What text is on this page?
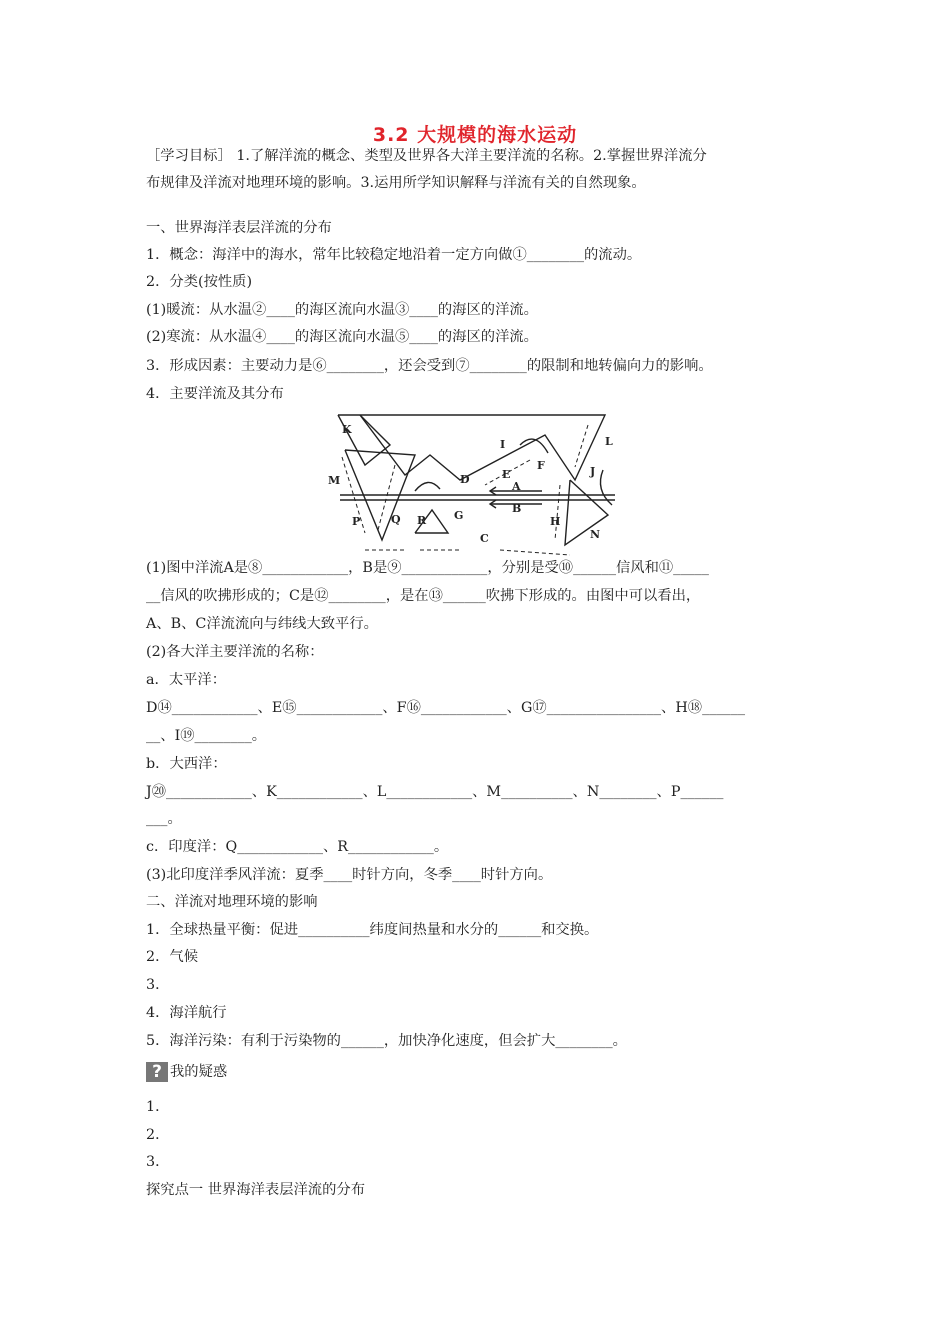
3.2 大规模的海水运动
［学习目标］ 1.了解洋流的概念、类型及世界各大洋主要洋流的名称。2.掌握世界洋流分
布规律及洋流对地理环境的影响。3.运用所学知识解释与洋流有关的自然现象。
一、世界海洋表层洋流的分布
1．概念：海洋中的海水，常年比较稳定地沿着一定方向做①________的流动。
2．分类(按性质)
(1)暖流：从水温②____的海区流向水温③____的海区的洋流。
(2)寒流：从水温④____的海区流向水温⑤____的海区的洋流。
3．形成因素：主要动力是⑥________，还会受到⑦________的限制和地转偏向力的影响。
4．主要洋流及其分布
K
L
I
E
F	J
M	D
A
B
P	Q R	G	H
N
C
(1)图中洋流A是⑧____________，B是⑨____________，分别是受⑩______信风和⑪_____
__信风的吹拂形成的；C是⑫________，是在⑬______吹拂下形成的。由图中可以看出，
A、B、C洋流流向与纬线大致平行。
(2)各大洋主要洋流的名称：
a．太平洋：
D⑭____________、E⑮____________、F⑯____________、G⑰________________、H⑱______
__、I⑲________。
b．大西洋：
J⑳____________、K____________、L____________、M__________、N________、P______
___。
c．印度洋：Q____________、R____________。
(3)北印度洋季风洋流：夏季____时针方向，冬季____时针方向。
二、洋流对地理环境的影响
1．全球热量平衡：促进__________纬度间热量和水分的______和交换。
2．气候
3．
4．海洋航行
5．海洋污染：有利于污染物的______，加快净化速度，但会扩大________。
? 我的疑惑
1．
2．
3．
探究点一 世界海洋表层洋流的分布
